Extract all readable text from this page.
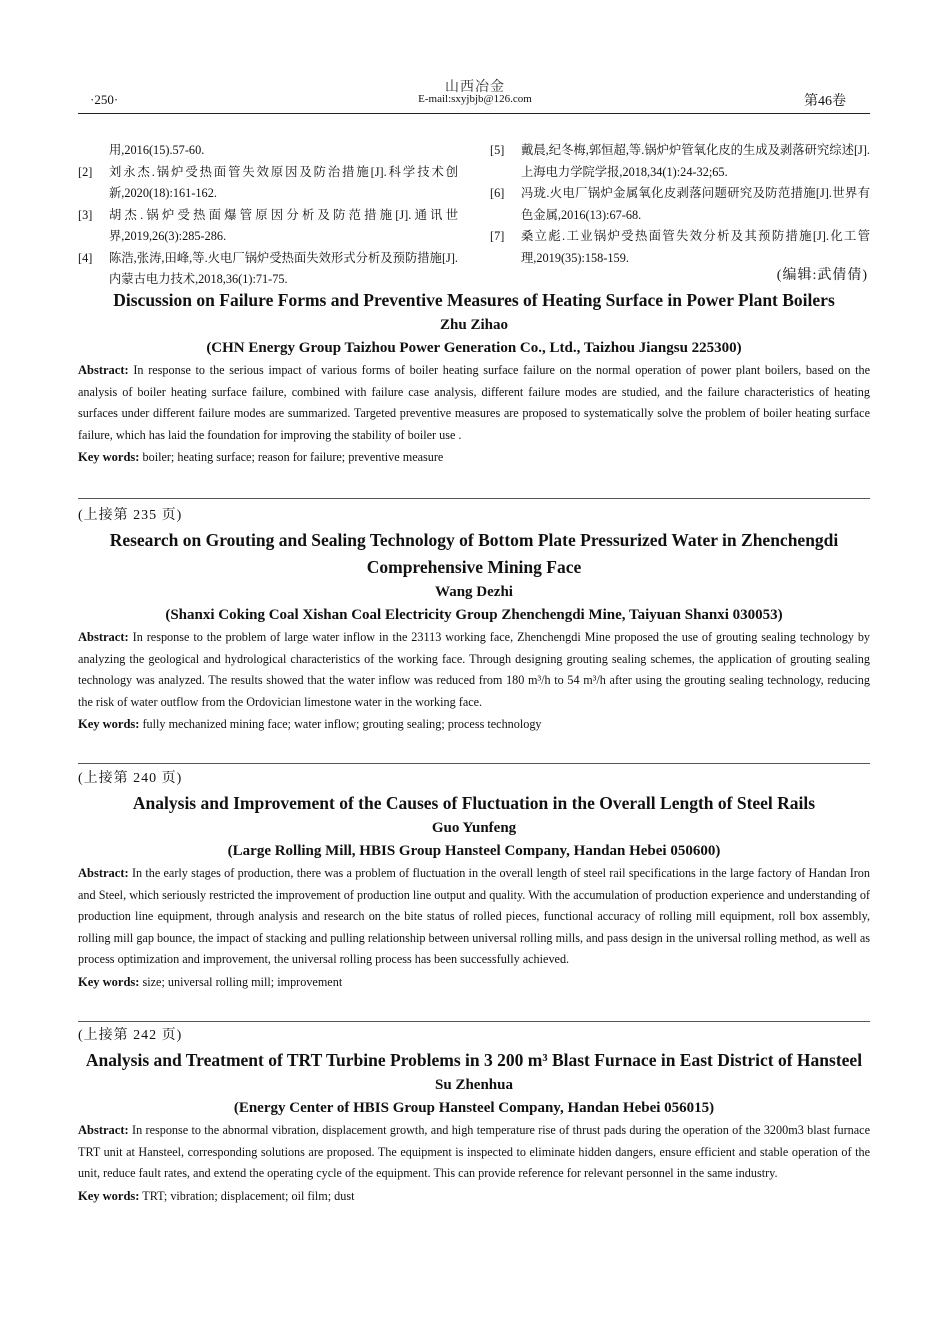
山西冶金
E-mail:sxyjbjb@126.com
·250·	第46卷
用,2016(15).57-60.
[2]	刘永杰.锅炉受热面管失效原因及防治措施[J].科学技术创新,2020(18):161-162.
[3]	胡杰.锅炉受热面爆管原因分析及防范措施[J].通讯世界,2019,26(3):285-286.
[4]	陈浩,张涛,田峰,等.火电厂锅炉受热面失效形式分析及预防措施[J].内蒙古电力技术,2018,36(1):71-75.
[5]	戴晨,纪冬梅,郭恒超,等.锅炉炉管氧化皮的生成及剥落研究综述[J].上海电力学院学报,2018,34(1):24-32;65.
[6]	冯珑.火电厂锅炉金属氧化皮剥落问题研究及防范措施[J].世界有色金属,2016(13):67-68.
[7]	桑立彪.工业锅炉受热面管失效分析及其预防措施[J].化工管理,2019(35):158-159.
(编辑:武倩倩)
Discussion on Failure Forms and Preventive Measures of Heating Surface in Power Plant Boilers
Zhu Zihao
(CHN Energy Group Taizhou Power Generation Co., Ltd., Taizhou Jiangsu 225300)
Abstract: In response to the serious impact of various forms of boiler heating surface failure on the normal operation of power plant boilers, based on the analysis of boiler heating surface failure, combined with failure case analysis, different failure modes are studied, and the failure characteristics of heating surfaces under different failure modes are summarized. Targeted preventive measures are proposed to systematically solve the problem of boiler heating surface failure, which has laid the foundation for improving the stability of boiler use .
Key words: boiler; heating surface; reason for failure; preventive measure
(上接第 235 页)
Research on Grouting and Sealing Technology of Bottom Plate Pressurized Water in Zhenchengdi Comprehensive Mining Face
Wang Dezhi
(Shanxi Coking Coal Xishan Coal Electricity Group Zhenchengdi Mine, Taiyuan Shanxi 030053)
Abstract: In response to the problem of large water inflow in the 23113 working face, Zhenchengdi Mine proposed the use of grouting sealing technology by analyzing the geological and hydrological characteristics of the working face. Through designing grouting sealing schemes, the application of grouting sealing technology was analyzed. The results showed that the water inflow was reduced from 180 m³/h to 54 m³/h after using the grouting sealing technology, reducing the risk of water outflow from the Ordovician limestone water in the working face.
Key words: fully mechanized mining face; water inflow; grouting sealing; process technology
(上接第 240 页)
Analysis and Improvement of the Causes of Fluctuation in the Overall Length of Steel Rails
Guo Yunfeng
(Large Rolling Mill, HBIS Group Hansteel Company, Handan Hebei 050600)
Abstract: In the early stages of production, there was a problem of fluctuation in the overall length of steel rail specifications in the large factory of Handan Iron and Steel, which seriously restricted the improvement of production line output and quality. With the accumulation of production experience and understanding of production line equipment, through analysis and research on the bite status of rolled pieces, functional accuracy of rolling mill equipment, roll box assembly, rolling mill gap bounce, the impact of stacking and pulling relationship between universal rolling mills, and pass design in the universal rolling method, as well as process optimization and improvement, the universal rolling process has been successfully achieved.
Key words: size; universal rolling mill; improvement
(上接第 242 页)
Analysis and Treatment of TRT Turbine Problems in 3 200 m³ Blast Furnace in East District of Hansteel
Su Zhenhua
(Energy Center of HBIS Group Hansteel Company, Handan Hebei 056015)
Abstract: In response to the abnormal vibration, displacement growth, and high temperature rise of thrust pads during the operation of the 3200m3 blast furnace TRT unit at Hansteel, corresponding solutions are proposed. The equipment is inspected to eliminate hidden dangers, ensure efficient and stable operation of the unit, reduce fault rates, and extend the operating cycle of the equipment. This can provide reference for relevant personnel in the same industry.
Key words: TRT; vibration; displacement; oil film; dust
